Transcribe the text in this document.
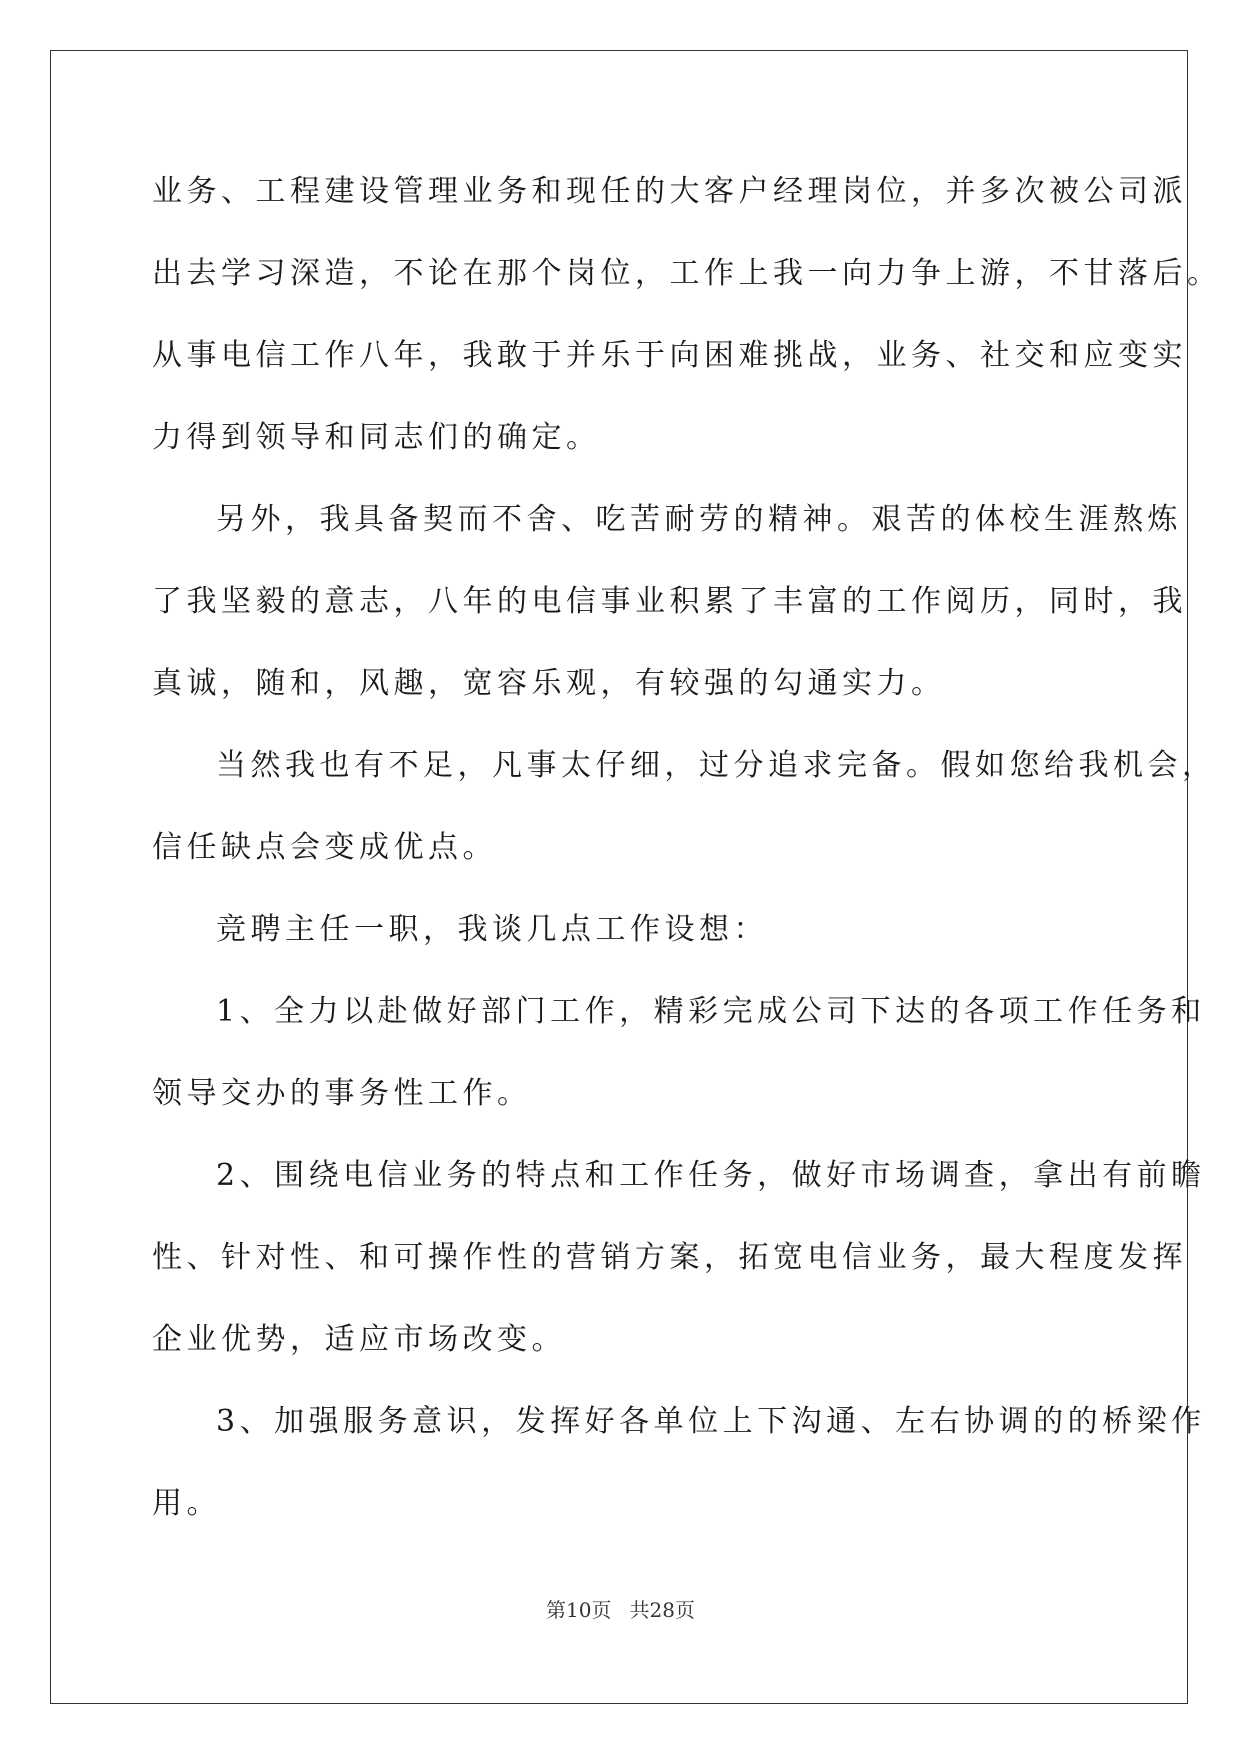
业务、工程建设管理业务和现任的大客户经理岗位，并多次被公司派
出去学习深造，不论在那个岗位，工作上我一向力争上游，不甘落后。
从事电信工作八年，我敢于并乐于向困难挑战，业务、社交和应变实
力得到领导和同志们的确定。
另外，我具备契而不舍、吃苦耐劳的精神。艰苦的体校生涯熬炼
了我坚毅的意志，八年的电信事业积累了丰富的工作阅历，同时，我
真诚，随和，风趣，宽容乐观，有较强的勾通实力。
当然我也有不足，凡事太仔细，过分追求完备。假如您给我机会，
信任缺点会变成优点。
竞聘主任一职，我谈几点工作设想：
1、全力以赴做好部门工作，精彩完成公司下达的各项工作任务和
领导交办的事务性工作。
2、围绕电信业务的特点和工作任务，做好市场调查，拿出有前瞻
性、针对性、和可操作性的营销方案，拓宽电信业务，最大程度发挥
企业优势，适应市场改变。
3、加强服务意识，发挥好各单位上下沟通、左右协调的的桥梁作
用。
第10页 共28页
